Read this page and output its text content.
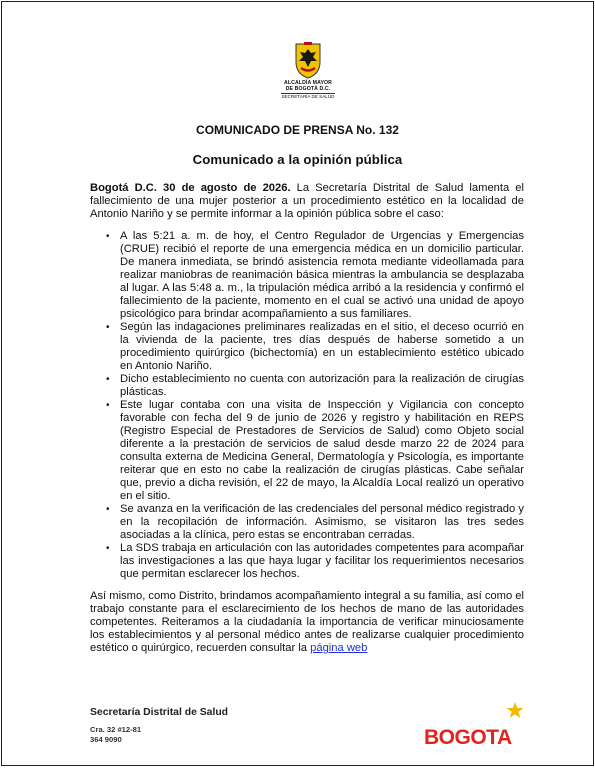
ALCALDÍA MAYOR
DE BOGOTÁ D.C.
SECRETARÍA DE SALUD
COMUNICADO DE PRENSA No. 132
Comunicado a la opinión pública

Bogotá D.C. 30 de agosto de 2026. La Secretaría Distrital de Salud lamenta el fallecimiento de una mujer posterior a un procedimiento estético en la localidad de Antonio Nariño y se permite informar a la opinión pública sobre el caso:

• A las 5:21 a. m. de hoy, el Centro Regulador de Urgencias y Emergencias (CRUE) recibió el reporte de una emergencia médica en un domicilio particular. De manera inmediata, se brindó asistencia remota mediante videollamada para realizar maniobras de reanimación básica mientras la ambulancia se desplazaba al lugar. A las 5:48 a. m., la tripulación médica arribó a la residencia y confirmó el fallecimiento de la paciente, momento en el cual se activó una unidad de apoyo psicológico para brindar acompañamiento a sus familiares.
• Según las indagaciones preliminares realizadas en el sitio, el deceso ocurrió en la vivienda de la paciente, tres días después de haberse sometido a un procedimiento quirúrgico (bichectomía) en un establecimiento estético ubicado en Antonio Nariño.
• Dicho establecimiento no cuenta con autorización para la realización de cirugías plásticas.
• Este lugar contaba con una visita de Inspección y Vigilancia con concepto favorable con fecha del 9 de junio de 2026 y registro y habilitación en REPS (Registro Especial de Prestadores de Servicios de Salud) como Objeto social diferente a la prestación de servicios de salud desde marzo 22 de 2024 para consulta externa de Medicina General, Dermatología y Psicología, es importante reiterar que en esto no cabe la realización de cirugías plásticas. Cabe señalar que, previo a dicha revisión, el 22 de mayo, la Alcaldía Local realizó un operativo en el sitio.
• Se avanza en la verificación de las credenciales del personal médico registrado y en la recopilación de información. Asimismo, se visitaron las tres sedes asociadas a la clínica, pero estas se encontraban cerradas.
• La SDS trabaja en articulación con las autoridades competentes para acompañar las investigaciones a las que haya lugar y facilitar los requerimientos necesarios que permitan esclarecer los hechos.

Así mismo, como Distrito, brindamos acompañamiento integral a su familia, así como el trabajo constante para el esclarecimiento de los hechos de mano de las autoridades competentes. Reiteramos a la ciudadanía la importancia de verificar minuciosamente los establecimientos y al personal médico antes de realizarse cualquier procedimiento estético o quirúrgico, recuerden consultar la página web

Secretaría Distrital de Salud
Cra. 32 #12-81
364 9090	BOGOTA
